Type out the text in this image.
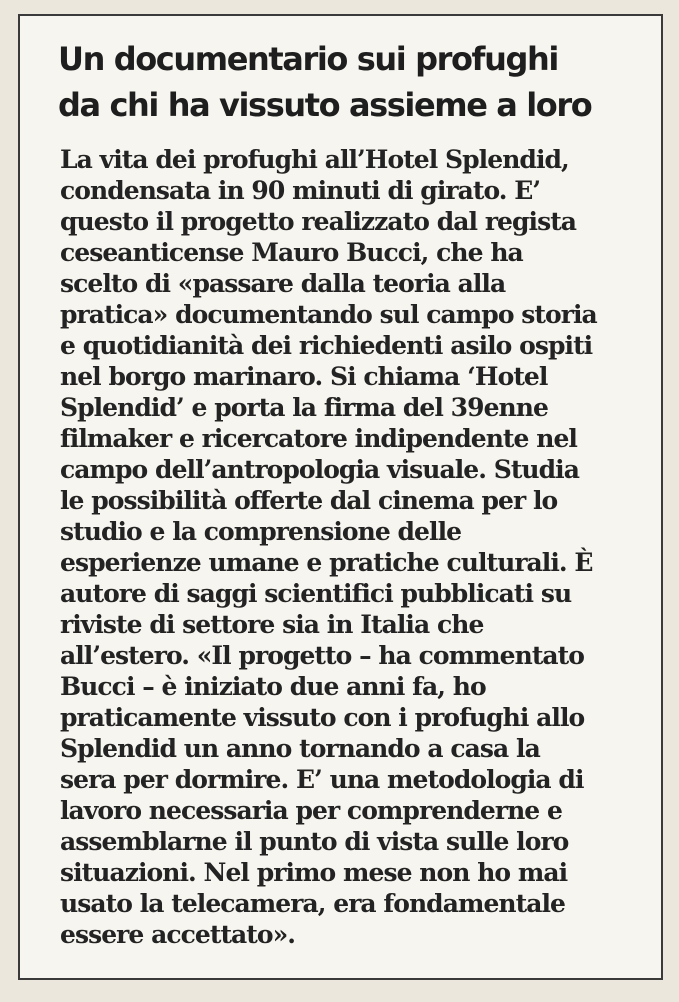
Un documentario sui profughi
da chi ha vissuto assieme a loro
La vita dei profughi all’Hotel Splendid,
condensata in 90 minuti di girato. E’
questo il progetto realizzato dal regista
ceseanticense Mauro Bucci, che ha
scelto di «passare dalla teoria alla
pratica» documentando sul campo storia
e quotidianità dei richiedenti asilo ospiti
nel borgo marinaro. Si chiama ‘Hotel
Splendid’ e porta la firma del 39enne
filmaker e ricercatore indipendente nel
campo dell’antropologia visuale. Studia
le possibilità offerte dal cinema per lo
studio e la comprensione delle
esperienze umane e pratiche culturali. È
autore di saggi scientifici pubblicati su
riviste di settore sia in Italia che
all’estero. «Il progetto – ha commentato
Bucci – è iniziato due anni fa, ho
praticamente vissuto con i profughi allo
Splendid un anno tornando a casa la
sera per dormire. E’ una metodologia di
lavoro necessaria per comprenderne e
assemblarne il punto di vista sulle loro
situazioni. Nel primo mese non ho mai
usato la telecamera, era fondamentale
essere accettato».
